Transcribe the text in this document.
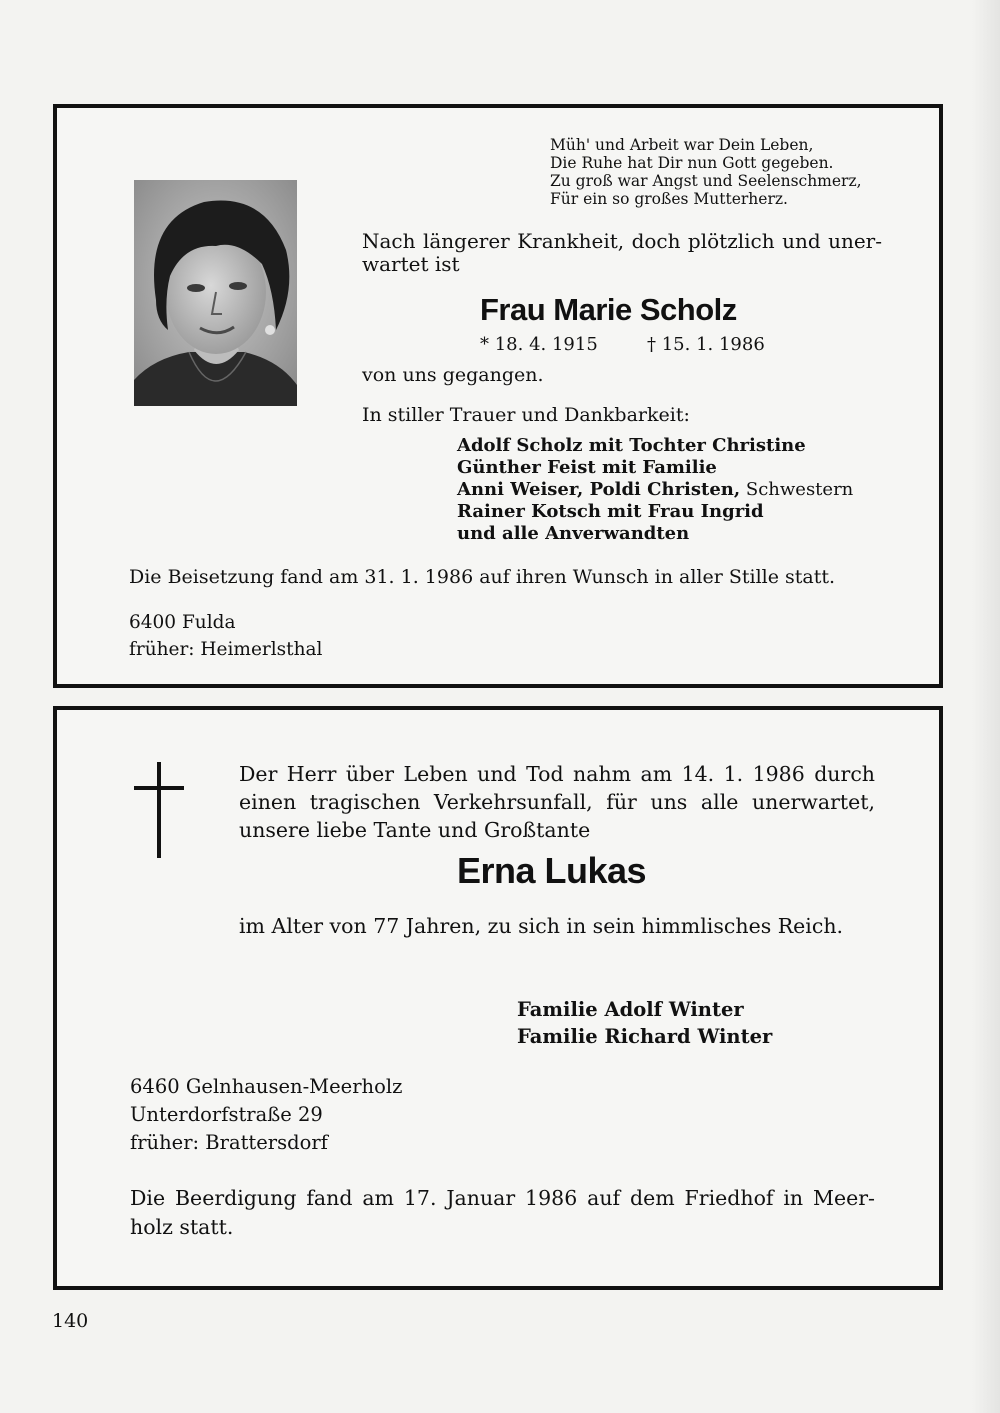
Müh' und Arbeit war Dein Leben,
Die Ruhe hat Dir nun Gott gegeben.
Zu groß war Angst und Seelenschmerz,
Für ein so großes Mutterherz.
Nach längerer Krankheit, doch plötzlich und uner-
wartet ist
Frau Marie Scholz
* 18. 4. 1915	† 15. 1. 1986
von uns gegangen.
In stiller Trauer und Dankbarkeit:
Adolf Scholz mit Tochter Christine
Günther Feist mit Familie
Anni Weiser, Poldi Christen, Schwestern
Rainer Kotsch mit Frau Ingrid
und alle Anverwandten
Die Beisetzung fand am 31. 1. 1986 auf ihren Wunsch in aller Stille statt.
6400 Fulda
früher: Heimerlsthal
Der Herr über Leben und Tod nahm am 14. 1. 1986 durch
einen tragischen Verkehrsunfall, für uns alle unerwartet,
unsere liebe Tante und Großtante
Erna Lukas
im Alter von 77 Jahren, zu sich in sein himmlisches Reich.
Familie Adolf Winter
Familie Richard Winter
6460 Gelnhausen-Meerholz
Unterdorfstraße 29
früher: Brattersdorf
Die Beerdigung fand am 17. Januar 1986 auf dem Friedhof in Meer-
holz statt.
140
